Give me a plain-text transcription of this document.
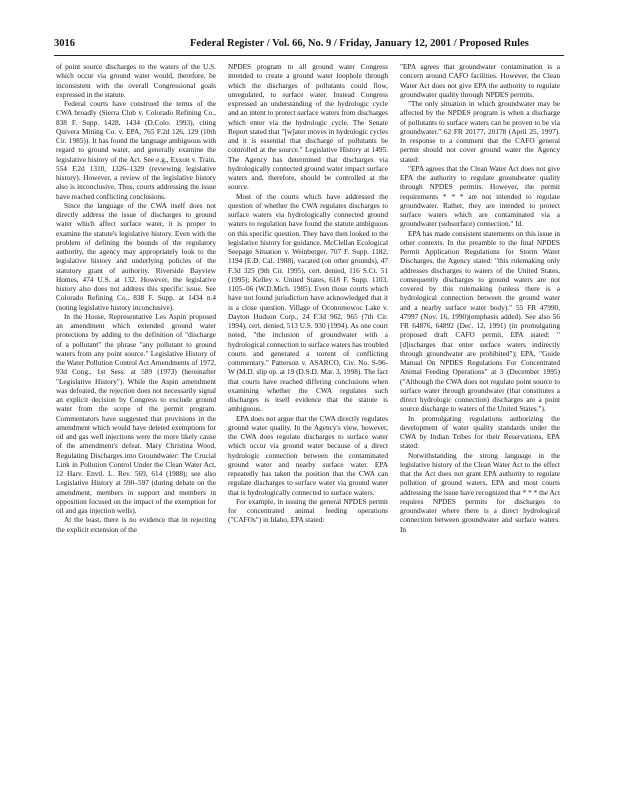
3016	Federal Register / Vol. 66, No. 9 / Friday, January 12, 2001 / Proposed Rules

of point source discharges to the waters of the U.S. which occur via ground water would, therefore, be inconsistent with the overall Congressional goals expressed in the statute.

Federal courts have construed the terms of the CWA broadly (Sierra Club v. Colorado Refining Co., 838 F. Supp. 1428, 1434 (D.Colo. 1993), citing Quivera Mining Co. v. EPA, 765 F.2d 126, 129 (10th Cir. 1985)). It has found the language ambiguous with regard to ground water, and generally examine the legislative history of the Act. See e.g., Exxon v. Train, 554 F.2d 1310, 1326–1329 (reviewing legislative history). However, a review of the legislative history also is inconclusive. Thus, courts addressing the issue have reached conflicting conclusions.

Since the language of the CWA itself does not directly address the issue of discharges to ground water which affect surface water, it is proper to examine the statute's legislative history. Even with the problem of defining the bounds of the regulatory authority, the agency may appropriately look to the legislative history and underlying policies of the statutory grant of authority. Riverside Bayview Homes, 474 U.S. at 132. However, the legislative history also does not address this specific issue. See Colorado Refining Co., 838 F. Supp. at 1434 n.4 (noting legislative history inconclusive).

In the House, Representative Les Aspin proposed an amendment which extended ground water protections by adding to the definition of "discharge of a pollutant" the phrase "any pollutant to ground waters from any point source." Legislative History of the Water Pollution Control Act Amendments of 1972, 93d Cong., 1st Sess. at 589 (1973) (hereinafter "Legislative History"). While the Aspin amendment was defeated, the rejection does not necessarily signal an explicit decision by Congress to exclude ground water from the scope of the permit program. Commentators have suggested that provisions in the amendment which would have deleted exemptions for oil and gas well injections were the more likely cause of the amendment's defeat. Mary Christina Wood, Regulating Discharges into Groundwater: The Crucial Link in Pollution Control Under the Clean Water Act, 12 Harv. Envtl. L. Rev. 569, 614 (1988); see also Legislative History at 590–597 (during debate on the amendment, members in support and members in opposition focused on the impact of the exemption for oil and gas injection wells).

At the least, there is no evidence that in rejecting the explicit extension of the

NPDES program to all ground water Congress intended to create a ground water loophole through which the discharges of pollutants could flow, unregulated, to surface water. Instead Congress expressed an understanding of the hydrologic cycle and an intent to protect surface waters from discharges which enter via the hydrologic cycle. The Senate Report stated that "[w]ater moves in hydrologic cycles and it is essential that discharge of pollutants be controlled at the source." Legislative History at 1495. The Agency has determined that discharges via hydrologically connected ground water impact surface waters and, therefore, should be controlled at the source.

Most of the courts which have addressed the question of whether the CWA regulates discharges to surface waters via hydrologically connected ground waters to regulation have found the statute ambiguous on this specific question. They have then looked to the legislative history for guidance. McClellan Ecological Seepage Situation v. Weinberger, 707 F. Supp. 1182, 1194 (E.D. Cal. 1988), vacated (on other grounds), 47 F.3d 325 (9th Cir. 1995), cert. denied, 116 S.Ct. 51 (1995); Kelley v. United States, 618 F. Supp. 1103, 1105–06 (W.D.Mich. 1985). Even those courts which have not found jurisdiction have acknowledged that it is a close question. Village of Oconomowoc Lake v. Dayton Hudson Corp., 24 F.3d 962, 965 (7th Cir. 1994), cert. denied, 513 U.S. 930 (1994). As one court noted, "the inclusion of groundwater with a hydrological connection to surface waters has troubled courts and generated a torrent of conflicting commentary." Patterson v. ASARCO, Civ. No. S-96-W (M.D. slip op. at 19 (D.S.D. Mar. 3, 1998). The fact that courts have reached differing conclusions when examining whether the CWA regulates such discharges is itself evidence that the statute is ambiguous.

EPA does not argue that the CWA directly regulates ground water quality. In the Agency's view, however, the CWA does regulate discharges to surface water which occur via ground water because of a direct hydrologic connection between the contaminated ground water and nearby surface water. EPA repeatedly has taken the position that the CWA can regulate discharges to surface water via ground water that is hydrologically connected to surface waters.

For example, in issuing the general NPDES permit for concentrated animal feeding operations ("CAFOs") in Idaho, EPA stated:

"EPA agrees that groundwater contamination is a concern around CAFO facilities. However, the Clean Water Act does not give EPA the authority to regulate groundwater quality through NPDES permits.

"The only situation in which groundwater may be affected by the NPDES program is when a discharge of pollutants to surface waters can be proven to be via groundwater." 62 FR 20177, 20178 (April 25, 1997). In response to a comment that the CAFO general permit should not cover ground water the Agency stated:

"EPA agrees that the Clean Water Act does not give EPA the authority to regulate groundwater quality through NPDES permits. However, the permit requirements * * * are not intended to regulate groundwater. Rather, they are intended to protect surface waters which are contaminated via a groundwater (subsurface) connection." Id.

EPA has made consistent statements on this issue in other contexts. In the preamble to the final NPDES Permit Application Regulations for Storm Water Discharges, the Agency stated: "this rulemaking only addresses discharges to waters of the United States, consequently discharges to ground waters are not covered by this rulemaking (unless there is a hydrological connection between the ground water and a nearby surface water body)." 55 FR 47990, 47997 (Nov. 16, 1990)(emphasis added). See also 56 FR 64876, 64892 (Dec. 12, 1991) (in promulgating proposed draft CAFO permit, EPA stated: "[d]ischarges that enter surface waters indirectly through groundwater are prohibited"); EPA, "Guide Manual On NPDES Regulations For Concentrated Animal Feeding Operations" at 3 (December 1995) ("Although the CWA does not regulate point source to surface water through groundwater (that constitutes a direct hydrologic connection) discharges are a point source discharge to waters of the United States.").

In promulgating regulations authorizing the development of water quality standards under the CWA by Indian Tribes for their Reservations, EPA stated:

Notwithstanding the strong language in the legislative history of the Clean Water Act to the effect that the Act does not grant EPA authority to regulate pollution of ground waters, EPA and most courts addressing the issue have recognized that * * * the Act requires NPDES permits for discharges to groundwater where there is a direct hydrological connection between groundwater and surface waters. In
